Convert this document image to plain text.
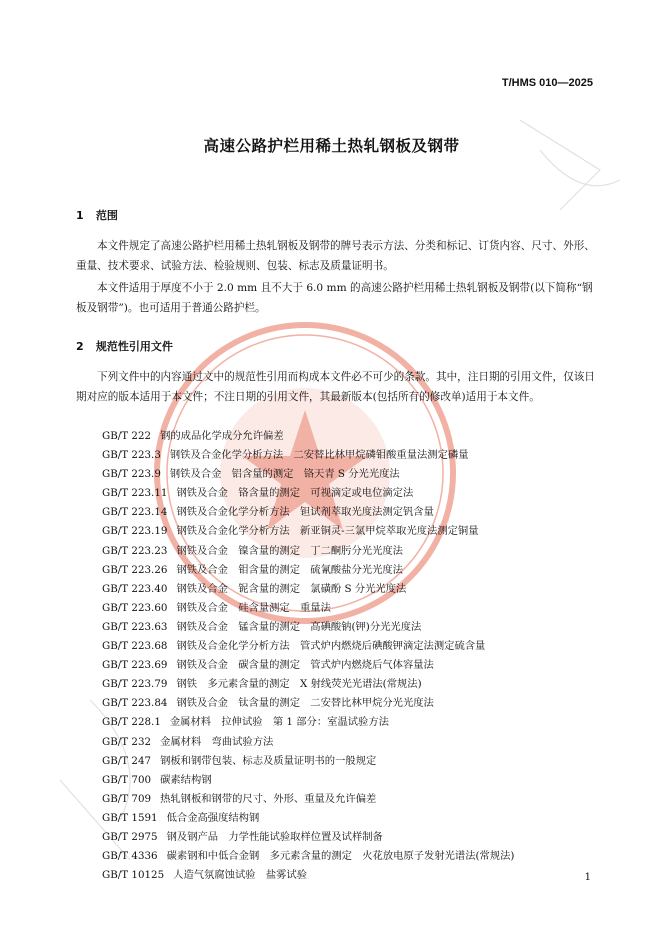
T/HMS 010—2025
高速公路护栏用稀土热轧钢板及钢带
1 范围
本文件规定了高速公路护栏用稀土热轧钢板及钢带的牌号表示方法、分类和标记、订货内容、尺寸、外形、重量、技术要求、试验方法、检验规则、包装、标志及质量证明书。
本文件适用于厚度不小于 2.0 mm 且不大于 6.0 mm 的高速公路护栏用稀土热轧钢板及钢带(以下简称“钢板及钢带”)。也可适用于普通公路护栏。
2 规范性引用文件
下列文件中的内容通过文中的规范性引用而构成本文件必不可少的条款。其中，注日期的引用文件，仅该日期对应的版本适用于本文件；不注日期的引用文件，其最新版本(包括所有的修改单)适用于本文件。
GB/T 222 钢的成品化学成分允许偏差
GB/T 223.3 钢铁及合金化学分析方法　二安替比林甲烷磷钼酸重量法测定磷量
GB/T 223.9 钢铁及合金　铝含量的测定　铬天青 S 分光光度法
GB/T 223.11 钢铁及合金　铬含量的测定　可视滴定或电位滴定法
GB/T 223.14 钢铁及合金化学分析方法　钽试剂萃取光度法测定钒含量
GB/T 223.19 钢铁及合金化学分析方法　新亚铜灵-三氯甲烷萃取光度法测定铜量
GB/T 223.23 钢铁及合金　镍含量的测定　丁二酮肟分光光度法
GB/T 223.26 钢铁及合金　钼含量的测定　硫氰酸盐分光光度法
GB/T 223.40 钢铁及合金　铌含量的测定　氯磺酚 S 分光光度法
GB/T 223.60 钢铁及合金　硅含量测定　重量法
GB/T 223.63 钢铁及合金　锰含量的测定　高碘酸钠(钾)分光光度法
GB/T 223.68 钢铁及合金化学分析方法　管式炉内燃烧后碘酸钾滴定法测定硫含量
GB/T 223.69 钢铁及合金　碳含量的测定　管式炉内燃烧后气体容量法
GB/T 223.79 钢铁　多元素含量的测定　X 射线荧光光谱法(常规法)
GB/T 223.84 钢铁及合金　钛含量的测定　二安替比林甲烷分光光度法
GB/T 228.1 金属材料　拉伸试验　第 1 部分：室温试验方法
GB/T 232 金属材料　弯曲试验方法
GB/T 247 钢板和钢带包装、标志及质量证明书的一般规定
GB/T 700 碳素结构钢
GB/T 709 热轧钢板和钢带的尺寸、外形、重量及允许偏差
GB/T 1591 低合金高强度结构钢
GB/T 2975 钢及钢产品　力学性能试验取样位置及试样制备
GB/T 4336 碳素钢和中低合金钢　多元素含量的测定　火花放电原子发射光谱法(常规法)
GB/T 10125 人造气氛腐蚀试验　盐雾试验	1
